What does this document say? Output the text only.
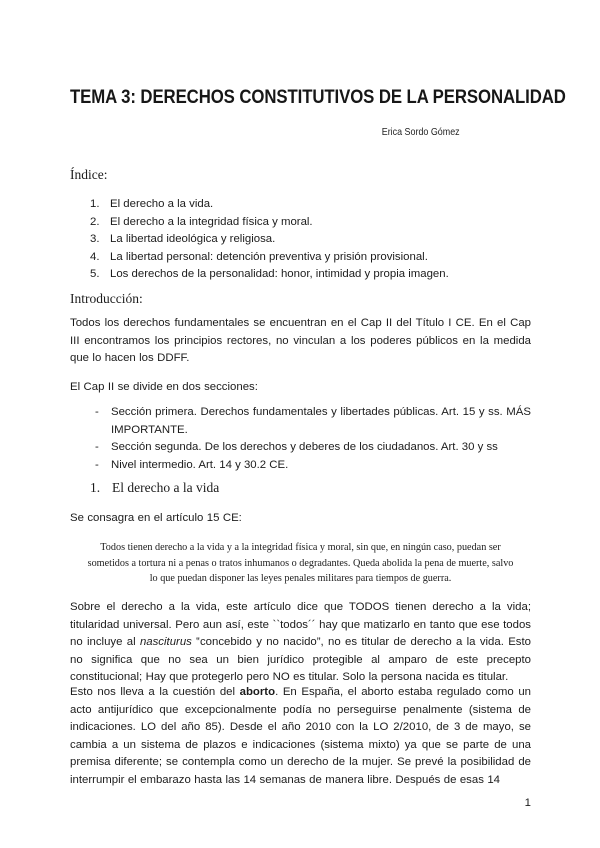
TEMA 3: DERECHOS CONSTITUTIVOS DE LA PERSONALIDAD
Erica Sordo Gómez
Índice:
1. El derecho a la vida.
2. El derecho a la integridad física y moral.
3. La libertad ideológica y religiosa.
4. La libertad personal: detención preventiva y prisión provisional.
5. Los derechos de la personalidad: honor, intimidad y propia imagen.
Introducción:
Todos los derechos fundamentales se encuentran en el Cap II del Título I CE. En el Cap III encontramos los principios rectores, no vinculan a los poderes públicos en la medida que lo hacen los DDFF.
El Cap II se divide en dos secciones:
- Sección primera. Derechos fundamentales y libertades públicas. Art. 15 y ss. MÁS IMPORTANTE.
- Sección segunda. De los derechos y deberes de los ciudadanos. Art. 30 y ss
- Nivel intermedio. Art. 14 y 30.2 CE.
1. El derecho a la vida
Se consagra en el artículo 15 CE:
Todos tienen derecho a la vida y a la integridad física y moral, sin que, en ningún caso, puedan ser sometidos a tortura ni a penas o tratos inhumanos o degradantes. Queda abolida la pena de muerte, salvo lo que puedan disponer las leyes penales militares para tiempos de guerra.
Sobre el derecho a la vida, este artículo dice que TODOS tienen derecho a la vida; titularidad universal. Pero aun así, este ``todos´´ hay que matizarlo en tanto que ese todos no incluye al nasciturus ‟concebido y no nacido”, no es titular de derecho a la vida. Esto no significa que no sea un bien jurídico protegible al amparo de este precepto constitucional; Hay que protegerlo pero NO es titular. Solo la persona nacida es titular.
Esto nos lleva a la cuestión del aborto. En España, el aborto estaba regulado como un acto antijurídico que excepcionalmente podía no perseguirse penalmente (sistema de indicaciones. LO del año 85). Desde el año 2010 con la LO 2/2010, de 3 de mayo, se cambia a un sistema de plazos e indicaciones (sistema mixto) ya que se parte de una premisa diferente; se contempla como un derecho de la mujer. Se prevé la posibilidad de interrumpir el embarazo hasta las 14 semanas de manera libre. Después de esas 14
1
